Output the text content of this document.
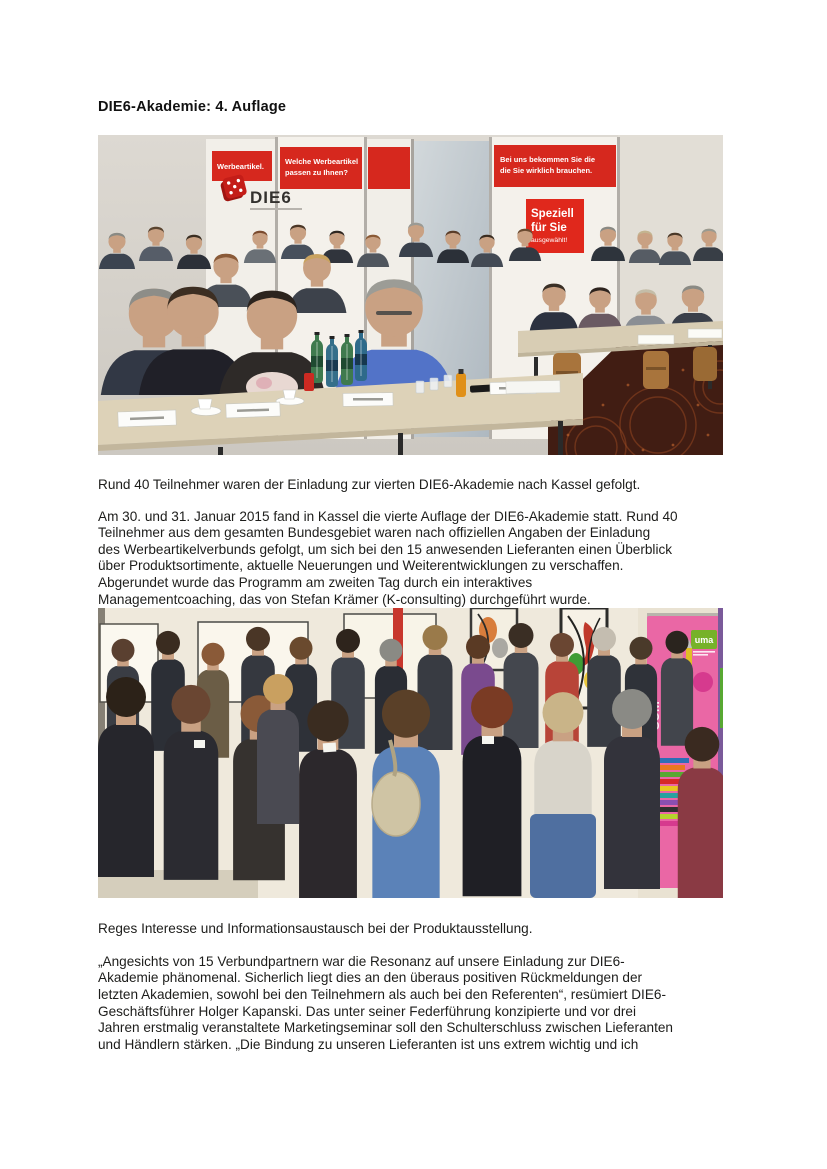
DIE6-Akademie: 4. Auflage
Werbeartikel.
Welche Werbeartikel
passen zu Ihnen?
Bei uns bekommen Sie die
die Sie wirklich brauchen.
DIE6
Speziell
für Sie
ausgewählt!

Rund 40 Teilnehmer waren der Einladung zur vierten DIE6-Akademie nach Kassel gefolgt.

Am 30. und 31. Januar 2015 fand in Kassel die vierte Auflage der DIE6-Akademie statt. Rund 40
Teilnehmer aus dem gesamten Bundesgebiet waren nach offiziellen Angaben der Einladung
des Werbeartikelverbunds gefolgt, um sich bei den 15 anwesenden Lieferanten einen Überblick
über Produktsortimente, aktuelle Neuerungen und Weiterentwicklungen zu verschaffen.
Abgerundet wurde das Programm am zweiten Tag durch ein interaktives
Managementcoaching, das von Stefan Krämer (K-consulting) durchgeführt wurde.

uma

Reges Interesse und Informationsaustausch bei der Produktausstellung.

„Angesichts von 15 Verbundpartnern war die Resonanz auf unsere Einladung zur DIE6-
Akademie phänomenal. Sicherlich liegt dies an den überaus positiven Rückmeldungen der
letzten Akademien, sowohl bei den Teilnehmern als auch bei den Referenten“, resümiert DIE6-
Geschäftsführer Holger Kapanski. Das unter seiner Federführung konzipierte und vor drei
Jahren erstmalig veranstaltete Marketingseminar soll den Schulterschluss zwischen Lieferanten
und Händlern stärken. „Die Bindung zu unseren Lieferanten ist uns extrem wichtig und ich
